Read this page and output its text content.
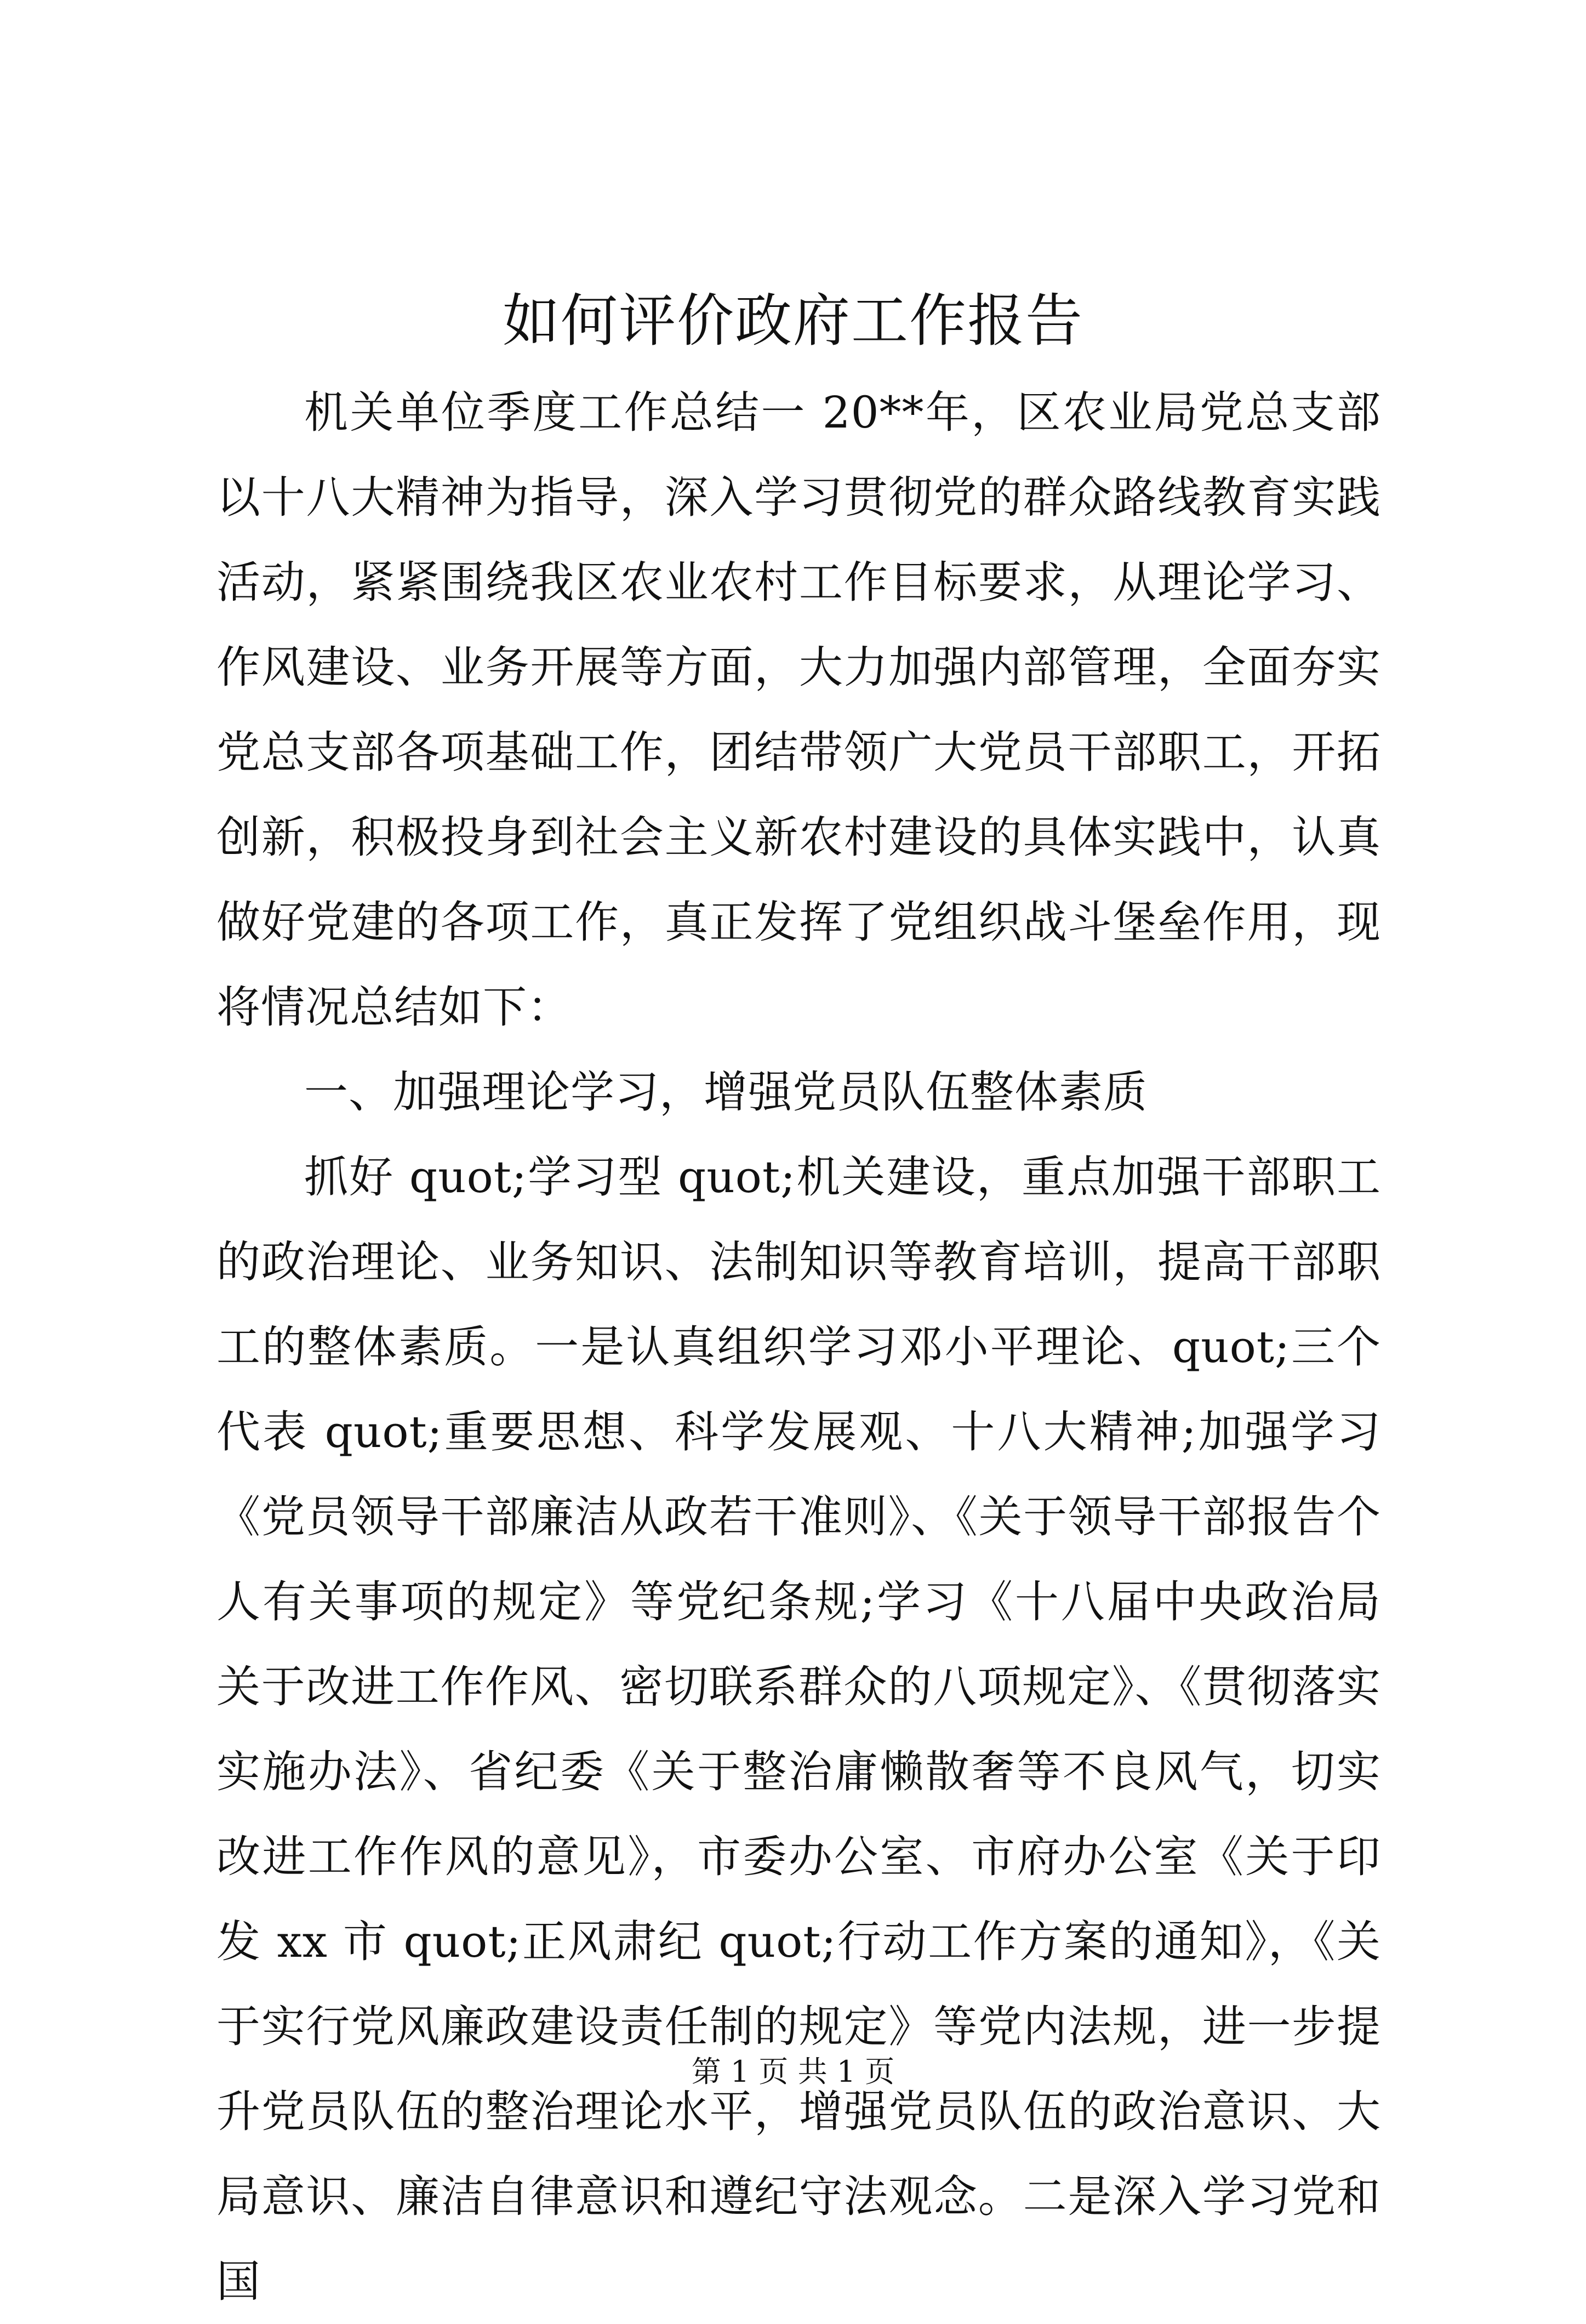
如何评价政府工作报告

机关单位季度工作总结一 20**年，区农业局党总支部以十八大精神为指导，深入学习贯彻党的群众路线教育实践活动，紧紧围绕我区农业农村工作目标要求，从理论学习、作风建设、业务开展等方面，大力加强内部管理，全面夯实党总支部各项基础工作，团结带领广大党员干部职工，开拓创新，积极投身到社会主义新农村建设的具体实践中，认真做好党建的各项工作，真正发挥了党组织战斗堡垒作用，现将情况总结如下：

一、加强理论学习，增强党员队伍整体素质

抓好 quot;学习型 quot;机关建设，重点加强干部职工的政治理论、业务知识、法制知识等教育培训，提高干部职工的整体素质。一是认真组织学习邓小平理论、quot;三个代表 quot;重要思想、科学发展观、十八大精神;加强学习《党员领导干部廉洁从政若干准则》、《关于领导干部报告个人有关事项的规定》等党纪条规;学习《十八届中央政治局关于改进工作作风、密切联系群众的八项规定》、《贯彻落实实施办法》、省纪委《关于整治庸懒散奢等不良风气，切实改进工作作风的意见》，市委办公室、市府办公室《关于印发 xx 市 quot;正风肃纪 quot;行动工作方案的通知》，《关于实行党风廉政建设责任制的规定》等党内法规，进一步提升党员队伍的整治理论水平，增强党员队伍的政治意识、大局意识、廉洁自律意识和遵纪守法观念。二是深入学习党和国

第 1 页 共 1 页
